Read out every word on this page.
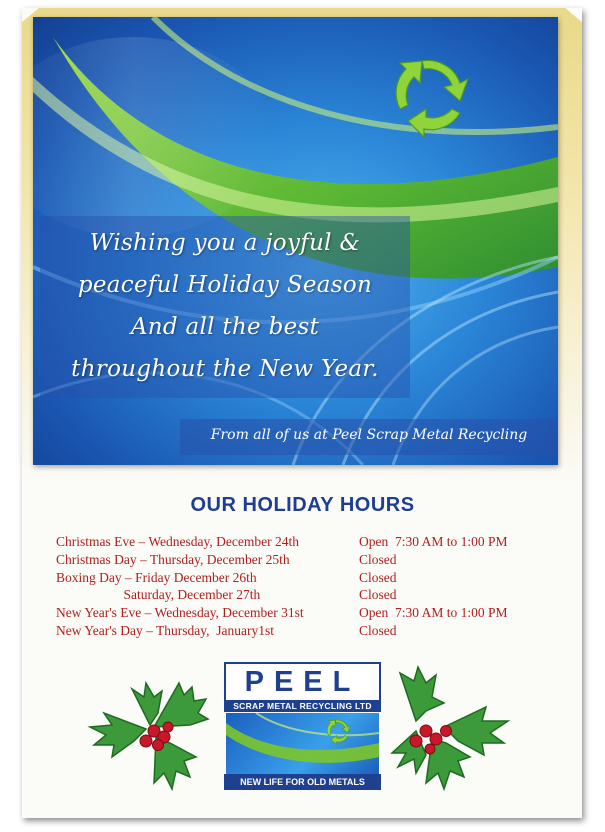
Wishing you a joyful &
peaceful Holiday Season
And all the best
throughout the New Year.
From all of us at Peel Scrap Metal Recycling
OUR HOLIDAY HOURS
Christmas Eve – Wednesday, December 24th	Open  7:30 AM to 1:00 PM
Christmas Day – Thursday, December 25th	Closed
Boxing Day – Friday December 26th	Closed
Saturday, December 27th	Closed
New Year's Eve – Wednesday, December 31st	Open  7:30 AM to 1:00 PM
New Year's Day – Thursday,  January1st	Closed
PEEL
SCRAP METAL RECYCLING LTD
NEW LIFE FOR OLD METALS
